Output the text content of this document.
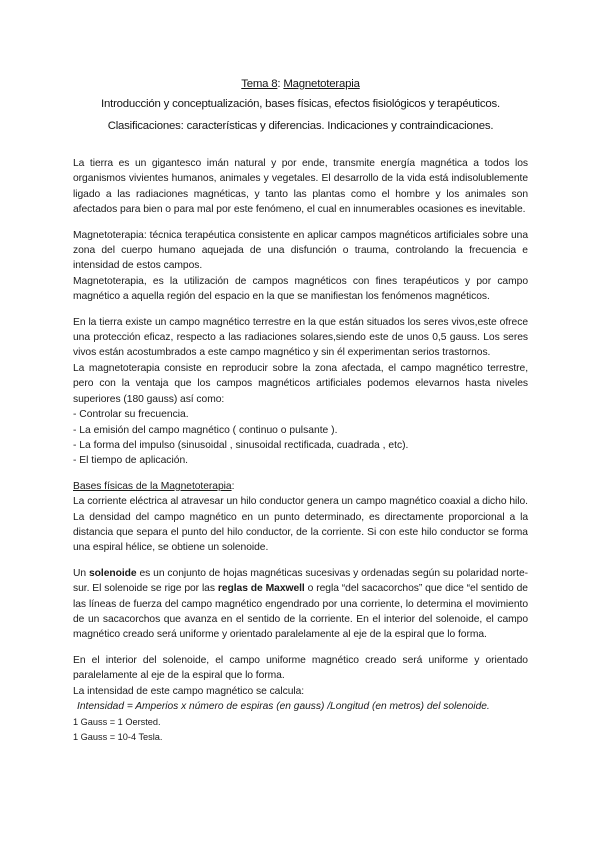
Tema 8: Magnetoterapia
Introducción y conceptualización, bases físicas, efectos fisiológicos y terapéuticos.
Clasificaciones: características y diferencias. Indicaciones y contraindicaciones.

La tierra es un gigantesco imán natural y por ende, transmite energía magnética a todos los organismos vivientes humanos, animales y vegetales. El desarrollo de la vida está indisolublemente ligado a las radiaciones magnéticas, y tanto las plantas como el hombre y los animales son afectados para bien o para mal por este fenómeno, el cual en innumerables ocasiones es inevitable.

Magnetoterapia: técnica terapéutica consistente en aplicar campos magnéticos artificiales sobre una zona del cuerpo humano aquejada de una disfunción o trauma, controlando la frecuencia e intensidad de estos campos.

Magnetoterapia, es la utilización de campos magnéticos con fines terapéuticos y por campo magnético a aquella región del espacio en la que se manifiestan los fenómenos magnéticos.

En la tierra existe un campo magnético terrestre en la que están situados los seres vivos,este ofrece una protección eficaz, respecto a las radiaciones solares,siendo este de unos 0,5 gauss. Los seres vivos están acostumbrados a este campo magnético y sin él experimentan serios trastornos.

La magnetoterapia consiste en reproducir sobre la zona afectada, el campo magnético terrestre, pero con la ventaja que los campos magnéticos artificiales podemos elevarnos hasta niveles superiores (180 gauss) así como:

- Controlar su frecuencia.
- La emisión del campo magnético ( continuo o pulsante ).
- La forma del impulso (sinusoidal , sinusoidal rectificada, cuadrada , etc).
- El tiempo de aplicación.

Bases físicas de la Magnetoterapia:

La corriente eléctrica al atravesar un hilo conductor genera un campo magnético coaxial a dicho hilo. La densidad del campo magnético en un punto determinado, es directamente proporcional a la distancia que separa el punto del hilo conductor, de la corriente. Si con este hilo conductor se forma una espiral hélice, se obtiene un solenoide.

Un solenoide es un conjunto de hojas magnéticas sucesivas y ordenadas según su polaridad norte-sur. El solenoide se rige por las reglas de Maxwell o regla “del sacacorchos” que dice “el sentido de las líneas de fuerza del campo magnético engendrado por una corriente, lo determina el movimiento de un sacacorchos que avanza en el sentido de la corriente. En el interior del solenoide, el campo magnético creado será uniforme y orientado paralelamente al eje de la espiral que lo forma.

En el interior del solenoide, el campo uniforme magnético creado será uniforme y orientado paralelamente al eje de la espiral que lo forma.

La intensidad de este campo magnético se calcula:

Intensidad = Amperios x número de espiras (en gauss) /Longitud (en metros) del solenoide.
1 Gauss = 1 Oersted.
1 Gauss = 10-4 Tesla.
